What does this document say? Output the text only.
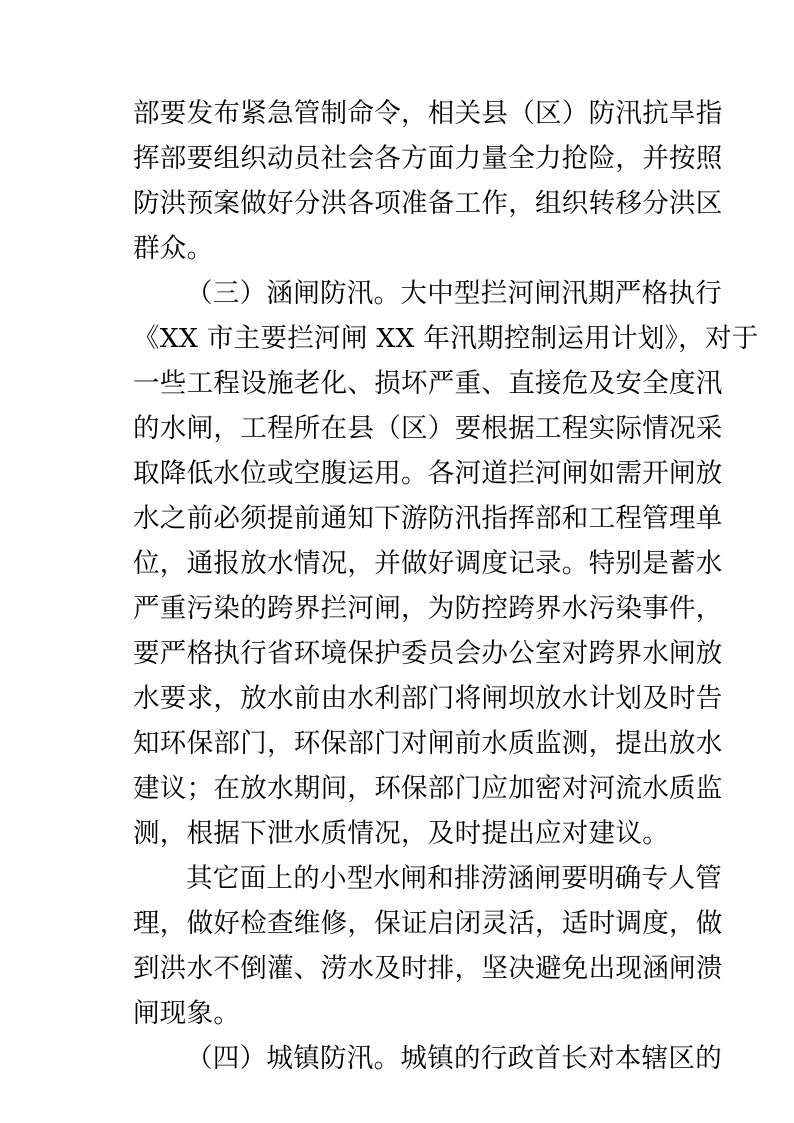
部要发布紧急管制命令，相关县（区）防汛抗旱指
挥部要组织动员社会各方面力量全力抢险，并按照
防洪预案做好分洪各项准备工作，组织转移分洪区
群众。
（三）涵闸防汛。大中型拦河闸汛期严格执行
《XX 市主要拦河闸 XX 年汛期控制运用计划》，对于
一些工程设施老化、损坏严重、直接危及安全度汛
的水闸，工程所在县（区）要根据工程实际情况采
取降低水位或空腹运用。各河道拦河闸如需开闸放
水之前必须提前通知下游防汛指挥部和工程管理单
位，通报放水情况，并做好调度记录。特别是蓄水
严重污染的跨界拦河闸，为防控跨界水污染事件，
要严格执行省环境保护委员会办公室对跨界水闸放
水要求，放水前由水利部门将闸坝放水计划及时告
知环保部门，环保部门对闸前水质监测，提出放水
建议；在放水期间，环保部门应加密对河流水质监
测，根据下泄水质情况，及时提出应对建议。
其它面上的小型水闸和排涝涵闸要明确专人管
理，做好检查维修，保证启闭灵活，适时调度，做
到洪水不倒灌、涝水及时排，坚决避免出现涵闸溃
闸现象。
（四）城镇防汛。城镇的行政首长对本辖区的
